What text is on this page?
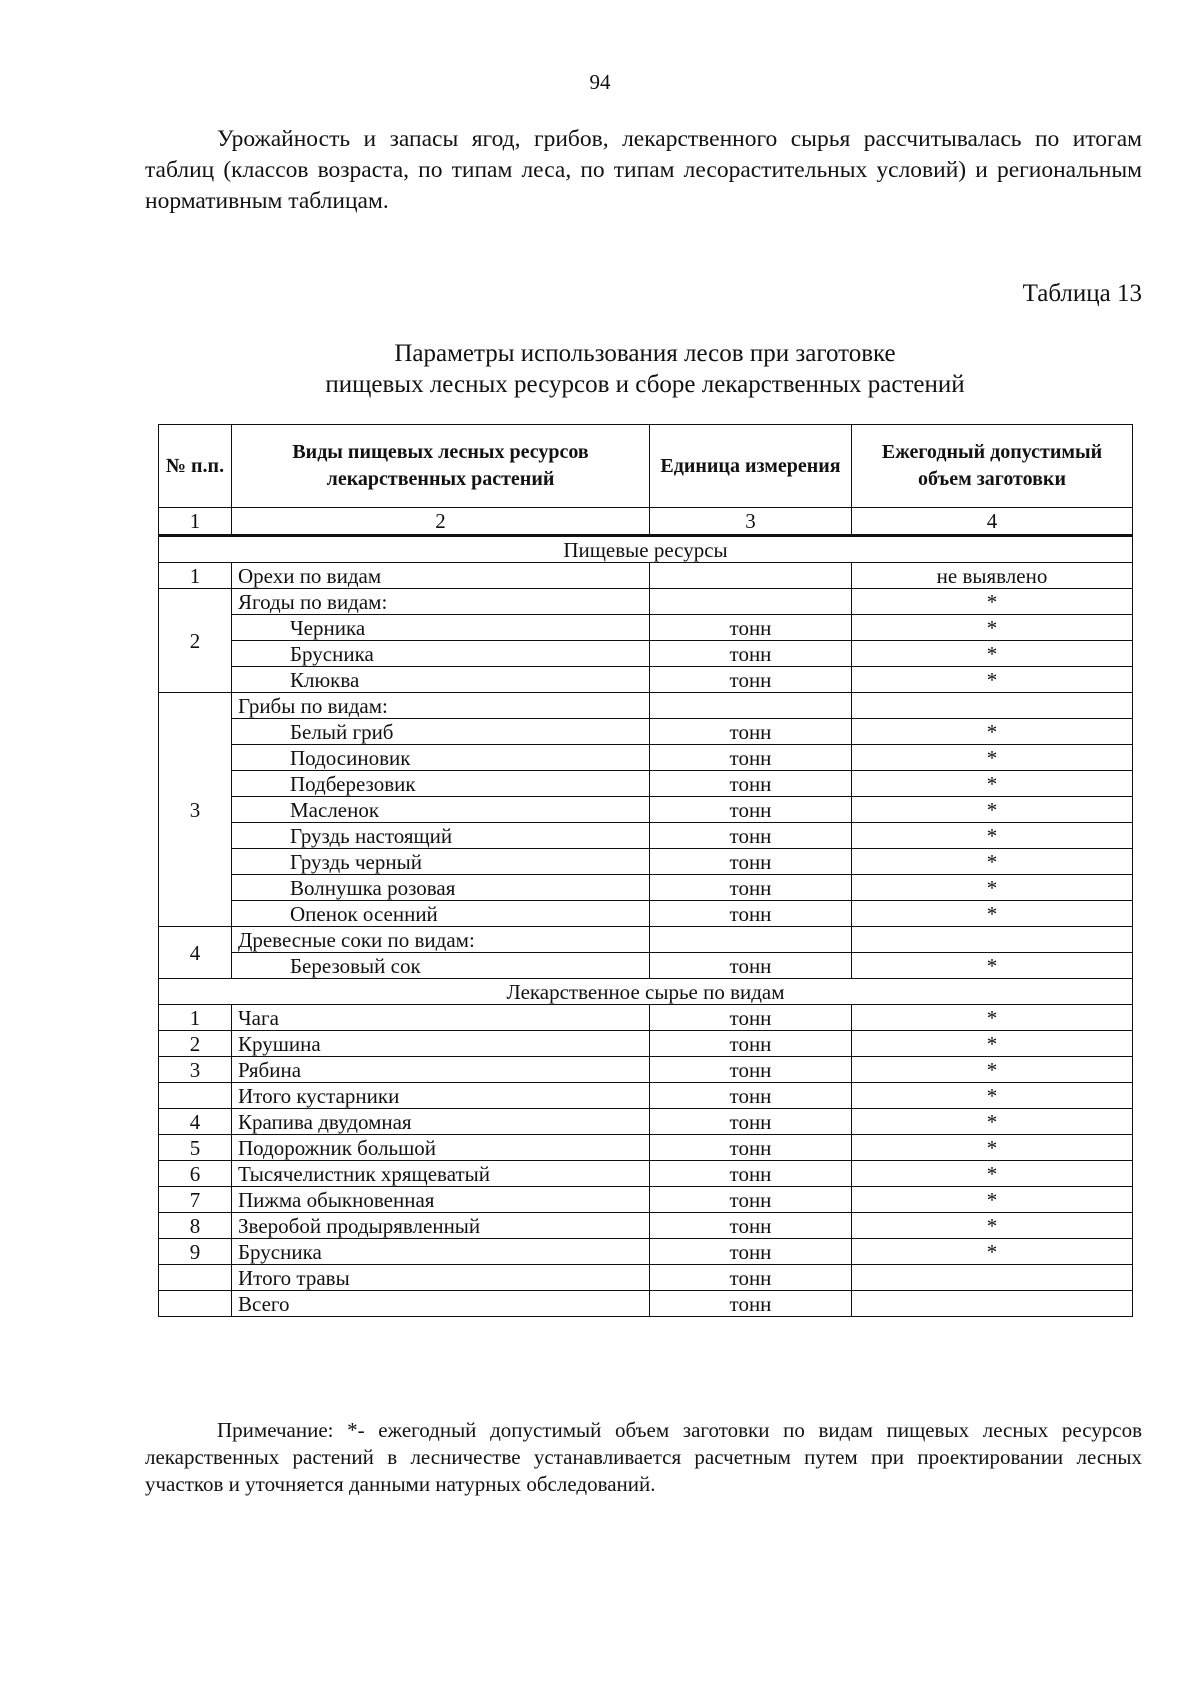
94

Урожайность и запасы ягод, грибов, лекарственного сырья рассчитывалась по итогам таблиц (классов возраста, по типам леса, по типам лесорастительных условий) и региональным нормативным таблицам.

Таблица 13
Параметры использования лесов при заготовке
пищевых лесных ресурсов и сборе лекарственных растений
№ п.п.	Виды пищевых лесных ресурсов лекарственных растений	Единица измерения	Ежегодный допустимый объем заготовки
1	2	3	4
Пищевые ресурсы			
1	Орехи по видам		не выявлено
2	Ягоды по видам:		*
	Черника	тонн	*
	Брусника	тонн	*
	Клюква	тонн	*
3	Грибы по видам:		
	Белый гриб	тонн	*
	Подосиновик	тонн	*
	Подберезовик	тонн	*
	Масленок	тонн	*
	Груздь настоящий	тонн	*
	Груздь черный	тонн	*
	Волнушка розовая	тонн	*
	Опенок осенний	тонн	*
4	Древесные соки по видам:		
	Березовый сок	тонн	*
Лекарственное сырье по видам			
1	Чага	тонн	*
2	Крушина	тонн	*
3	Рябина	тонн	*
	Итого кустарники	тонн	*
4	Крапива двудомная	тонн	*
5	Подорожник большой	тонн	*
6	Тысячелистник хрящеватый	тонн	*
7	Пижма обыкновенная	тонн	*
8	Зверобой продырявленный	тонн	*
9	Брусника	тонн	*
	Итого травы	тонн	
	Всего	тонн	

Примечание: *- ежегодный допустимый объем заготовки по видам пищевых лесных ресурсов лекарственных растений в лесничестве устанавливается расчетным путем при проектировании лесных участков и уточняется данными натурных обследований.
